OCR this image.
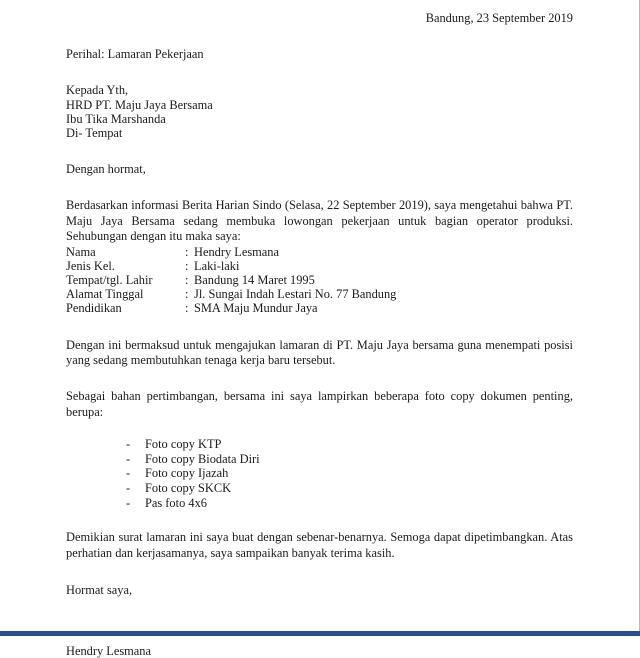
Bandung, 23 September 2019
Perihal: Lamaran Pekerjaan
Kepada Yth,
HRD PT. Maju Jaya Bersama
Ibu Tika Marshanda
Di- Tempat
Dengan hormat,
Berdasarkan informasi Berita Harian Sindo (Selasa, 22 September 2019), saya mengetahui bahwa PT. Maju Jaya Bersama sedang membuka lowongan pekerjaan untuk bagian operator produksi. Sehubungan dengan itu maka saya:
Nama	:	Hendry Lesmana
Jenis Kel.	:	Laki-laki
Tempat/tgl. Lahir	:	Bandung 14 Maret 1995
Alamat Tinggal	:	Jl. Sungai Indah Lestari No. 77 Bandung
Pendidikan	:	SMA Maju Mundur Jaya
Dengan ini bermaksud untuk mengajukan lamaran di PT. Maju Jaya bersama guna menempati posisi yang sedang membutuhkan tenaga kerja baru tersebut.
Sebagai bahan pertimbangan, bersama ini saya lampirkan beberapa foto copy dokumen penting, berupa:
- Foto copy KTP
- Foto copy Biodata Diri
- Foto copy Ijazah
- Foto copy SKCK
- Pas foto 4x6
Demikian surat lamaran ini saya buat dengan sebenar-benarnya. Semoga dapat dipetimbangkan. Atas perhatian dan kerjasamanya, saya sampaikan banyak terima kasih.
Hormat saya,
Hendry Lesmana
